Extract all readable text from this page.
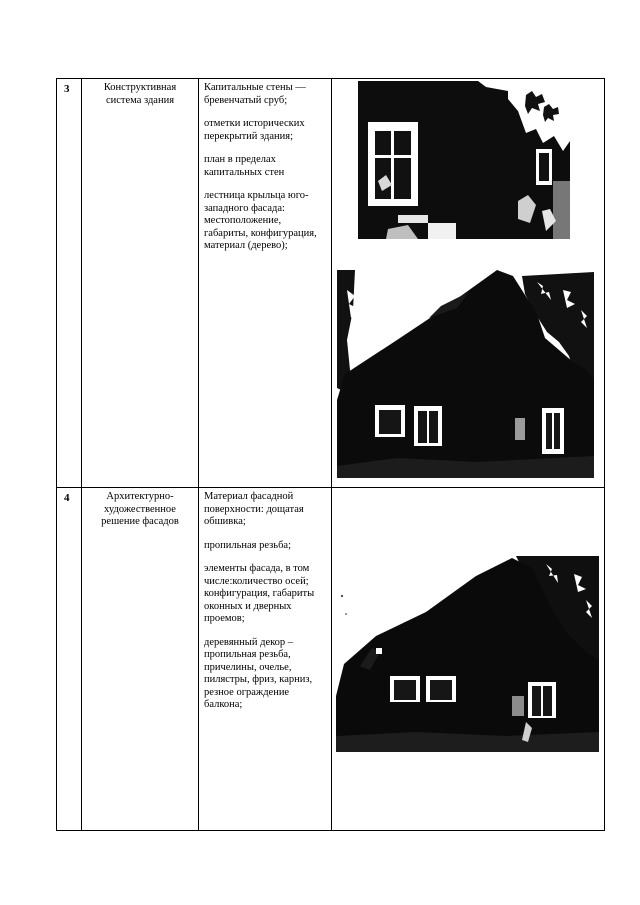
3	Конструктивная система здания	Капитальные стены — бревенчатый сруб;

отметки исторических перекрытий здания;

план в пределах капитальных стен

лестница крыльца юго-западного фасада: местоположение, габариты, конфигурация, материал (дерево);

4	Архитектурно-художественное решение фасадов	Материал фасадной поверхности: дощатая обшивка;

пропильная резьба;

элементы фасада, в том числе:количество осей; конфигурация, габариты оконных и дверных проемов;

деревянный декор – пропильная резьба, причелины, очелье, пилястры, фриз, карниз, резное ограждение балкона;
